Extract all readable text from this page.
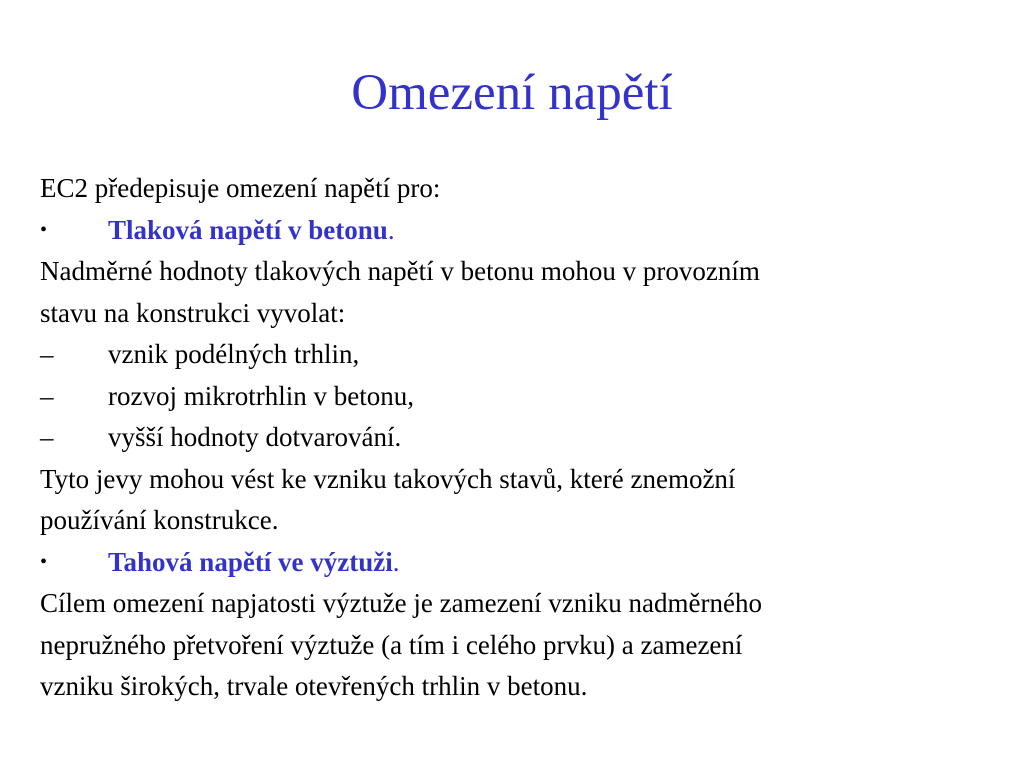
Omezení napětí
EC2 předepisuje omezení napětí pro:
•	Tlaková napětí v betonu.
Nadměrné hodnoty tlakových napětí v betonu mohou v provozním
stavu na konstrukci vyvolat:
–	vznik podélných trhlin,
–	rozvoj mikrotrhlin v betonu,
–	vyšší hodnoty dotvarování.
Tyto jevy mohou vést ke vzniku takových stavů, které znemožní
používání konstrukce.
•	Tahová napětí ve výztuži.
Cílem omezení napjatosti výztuže je zamezení vzniku nadměrného
nepružného přetvoření výztuže (a tím i celého prvku) a zamezení
vzniku širokých, trvale otevřených trhlin v betonu.
